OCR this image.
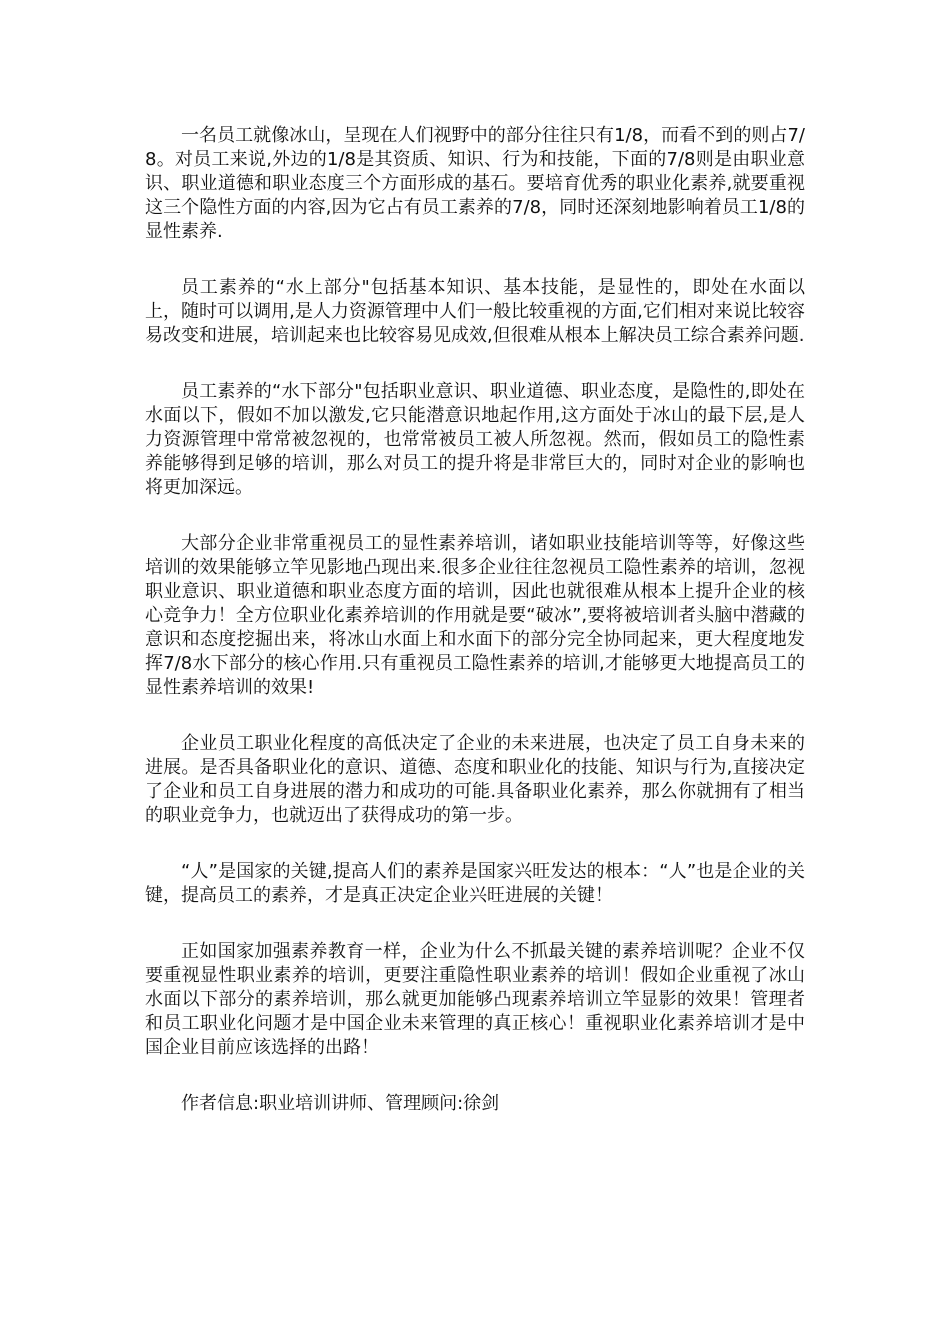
一名员工就像冰山，呈现在人们视野中的部分往往只有1/8，而看不到的则占7/8。对员工来说,外边的1/8是其资质、知识、行为和技能，下面的7/8则是由职业意识、职业道德和职业态度三个方面形成的基石。要培育优秀的职业化素养,就要重视这三个隐性方面的内容,因为它占有员工素养的7/8，同时还深刻地影响着员工1/8的显性素养.

员工素养的“水上部分"包括基本知识、基本技能，是显性的，即处在水面以上，随时可以调用,是人力资源管理中人们一般比较重视的方面,它们相对来说比较容易改变和进展，培训起来也比较容易见成效,但很难从根本上解决员工综合素养问题.

员工素养的“水下部分"包括职业意识、职业道德、职业态度，是隐性的,即处在水面以下，假如不加以激发,它只能潜意识地起作用,这方面处于冰山的最下层,是人力资源管理中常常被忽视的，也常常被员工被人所忽视。然而，假如员工的隐性素养能够得到足够的培训，那么对员工的提升将是非常巨大的，同时对企业的影响也将更加深远。

大部分企业非常重视员工的显性素养培训，诸如职业技能培训等等，好像这些培训的效果能够立竿见影地凸现出来.很多企业往往忽视员工隐性素养的培训，忽视职业意识、职业道德和职业态度方面的培训，因此也就很难从根本上提升企业的核心竞争力！全方位职业化素养培训的作用就是要“破冰”,要将被培训者头脑中潜藏的意识和态度挖掘出来，将冰山水面上和水面下的部分完全协同起来，更大程度地发挥7/8水下部分的核心作用.只有重视员工隐性素养的培训,才能够更大地提高员工的显性素养培训的效果!

企业员工职业化程度的高低决定了企业的未来进展，也决定了员工自身未来的进展。是否具备职业化的意识、道德、态度和职业化的技能、知识与行为,直接决定了企业和员工自身进展的潜力和成功的可能.具备职业化素养，那么你就拥有了相当的职业竞争力，也就迈出了获得成功的第一步。

“人”是国家的关键,提高人们的素养是国家兴旺发达的根本：“人”也是企业的关键，提高员工的素养，才是真正决定企业兴旺进展的关键！

正如国家加强素养教育一样，企业为什么不抓最关键的素养培训呢？企业不仅要重视显性职业素养的培训，更要注重隐性职业素养的培训！假如企业重视了冰山水面以下部分的素养培训，那么就更加能够凸现素养培训立竿显影的效果！管理者和员工职业化问题才是中国企业未来管理的真正核心！重视职业化素养培训才是中国企业目前应该选择的出路！

作者信息:职业培训讲师、管理顾问:徐剑
